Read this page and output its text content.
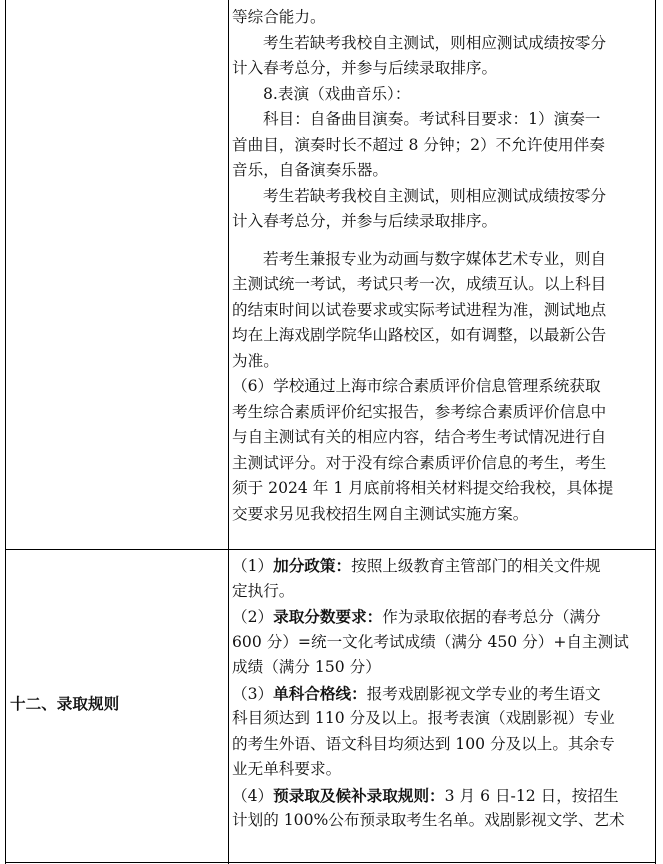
等综合能力。
考生若缺考我校自主测试，则相应测试成绩按零分
计入春考总分，并参与后续录取排序。
8.表演（戏曲音乐）：
科目：自备曲目演奏。考试科目要求：1）演奏一
首曲目，演奏时长不超过 8 分钟；2）不允许使用伴奏
音乐，自备演奏乐器。
考生若缺考我校自主测试，则相应测试成绩按零分
计入春考总分，并参与后续录取排序。
若考生兼报专业为动画与数字媒体艺术专业，则自
主测试统一考试，考试只考一次，成绩互认。以上科目
的结束时间以试卷要求或实际考试进程为准，测试地点
均在上海戏剧学院华山路校区，如有调整，以最新公告
为准。
（6）学校通过上海市综合素质评价信息管理系统获取
考生综合素质评价纪实报告，参考综合素质评价信息中
与自主测试有关的相应内容，结合考生考试情况进行自
主测试评分。对于没有综合素质评价信息的考生，考生
须于 2024 年 1 月底前将相关材料提交给我校，具体提
交要求另见我校招生网自主测试实施方案。
十二、录取规则
（1）加分政策：按照上级教育主管部门的相关文件规
定执行。
（2）录取分数要求：作为录取依据的春考总分（满分
600 分）=统一文化考试成绩（满分 450 分）+自主测试
成绩（满分 150 分）
（3）单科合格线：报考戏剧影视文学专业的考生语文
科目须达到 110 分及以上。报考表演（戏剧影视）专业
的考生外语、语文科目均须达到 100 分及以上。其余专
业无单科要求。
（4）预录取及候补录取规则：3 月 6 日-12 日，按招生
计划的 100%公布预录取考生名单。戏剧影视文学、艺术
